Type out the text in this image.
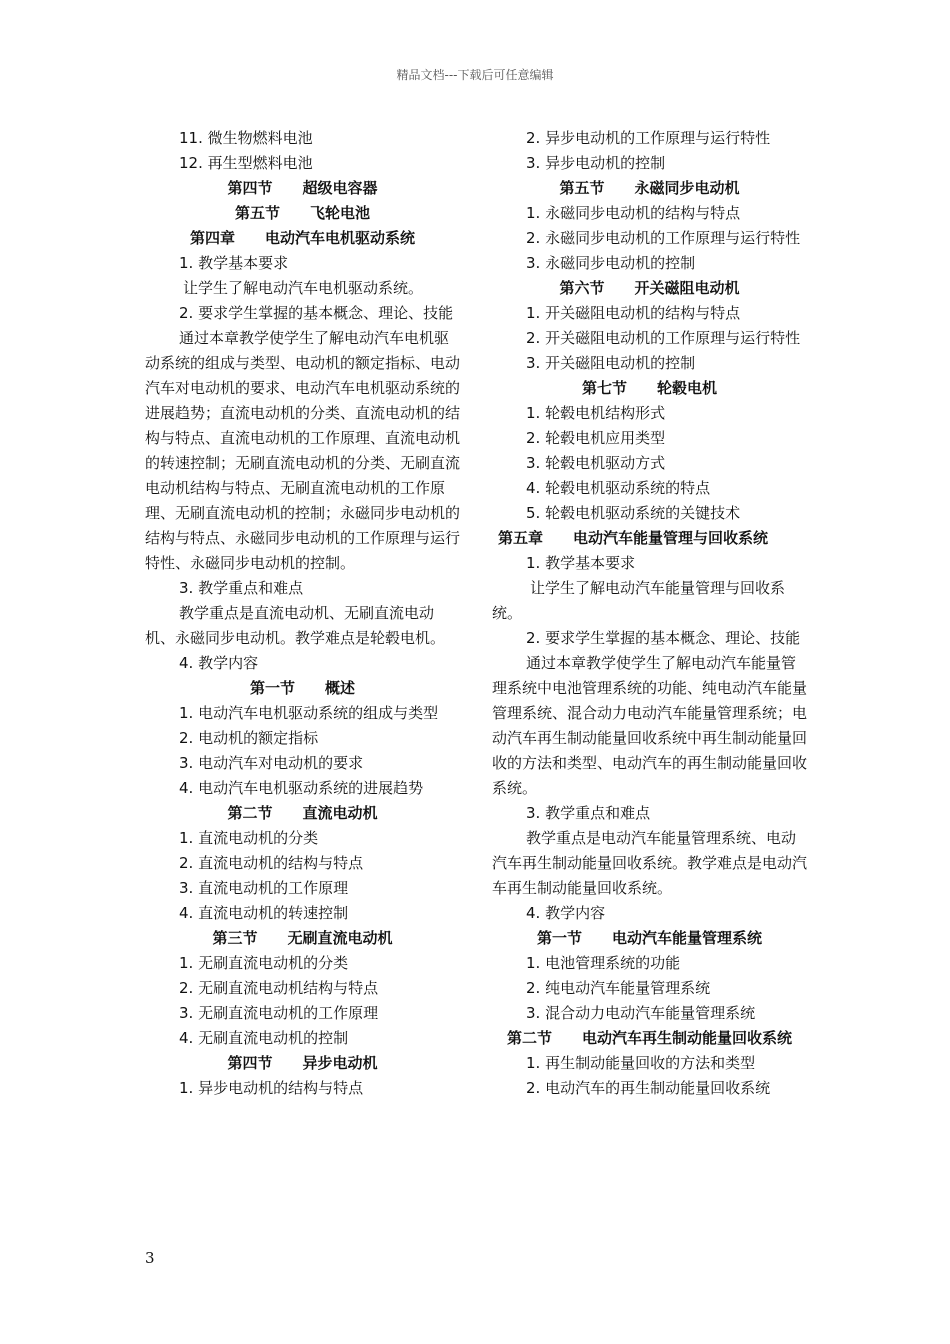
精品文档---下载后可任意编辑

11. 微生物燃料电池

12. 再生型燃料电池

第四节　　超级电容器

第五节　　飞轮电池

第四章　　电动汽车电机驱动系统

1. 教学基本要求

让学生了解电动汽车电机驱动系统。

2. 要求学生掌握的基本概念、理论、技能

通过本章教学使学生了解电动汽车电机驱动系统的组成与类型、电动机的额定指标、电动汽车对电动机的要求、电动汽车电机驱动系统的进展趋势；直流电动机的分类、直流电动机的结构与特点、直流电动机的工作原理、直流电动机的转速控制；无刷直流电动机的分类、无刷直流电动机结构与特点、无刷直流电动机的工作原理、无刷直流电动机的控制；永磁同步电动机的结构与特点、永磁同步电动机的工作原理与运行特性、永磁同步电动机的控制。

3. 教学重点和难点

教学重点是直流电动机、无刷直流电动机、永磁同步电动机。教学难点是轮毂电机。

4. 教学内容

第一节　　概述

1. 电动汽车电机驱动系统的组成与类型

2. 电动机的额定指标

3. 电动汽车对电动机的要求

4. 电动汽车电机驱动系统的进展趋势

第二节　　直流电动机

1. 直流电动机的分类

2. 直流电动机的结构与特点

3. 直流电动机的工作原理

4. 直流电动机的转速控制

第三节　　无刷直流电动机

1. 无刷直流电动机的分类

2. 无刷直流电动机结构与特点

3. 无刷直流电动机的工作原理

4. 无刷直流电动机的控制

第四节　　异步电动机

1. 异步电动机的结构与特点

2. 异步电动机的工作原理与运行特性

3. 异步电动机的控制

第五节　　永磁同步电动机

1. 永磁同步电动机的结构与特点

2. 永磁同步电动机的工作原理与运行特性

3. 永磁同步电动机的控制

第六节　　开关磁阻电动机

1. 开关磁阻电动机的结构与特点

2. 开关磁阻电动机的工作原理与运行特性

3. 开关磁阻电动机的控制

第七节　　轮毂电机

1. 轮毂电机结构形式

2. 轮毂电机应用类型

3. 轮毂电机驱动方式

4. 轮毂电机驱动系统的特点

5. 轮毂电机驱动系统的关键技术

第五章　　电动汽车能量管理与回收系统

1. 教学基本要求

让学生了解电动汽车能量管理与回收系统。

2. 要求学生掌握的基本概念、理论、技能

通过本章教学使学生了解电动汽车能量管理系统中电池管理系统的功能、纯电动汽车能量管理系统、混合动力电动汽车能量管理系统；电动汽车再生制动能量回收系统中再生制动能量回收的方法和类型、电动汽车的再生制动能量回收系统。

3. 教学重点和难点

教学重点是电动汽车能量管理系统、电动汽车再生制动能量回收系统。教学难点是电动汽车再生制动能量回收系统。

4. 教学内容

第一节　　电动汽车能量管理系统

1. 电池管理系统的功能

2. 纯电动汽车能量管理系统

3. 混合动力电动汽车能量管理系统

第二节　　电动汽车再生制动能量回收系统

1. 再生制动能量回收的方法和类型

2. 电动汽车的再生制动能量回收系统

3
